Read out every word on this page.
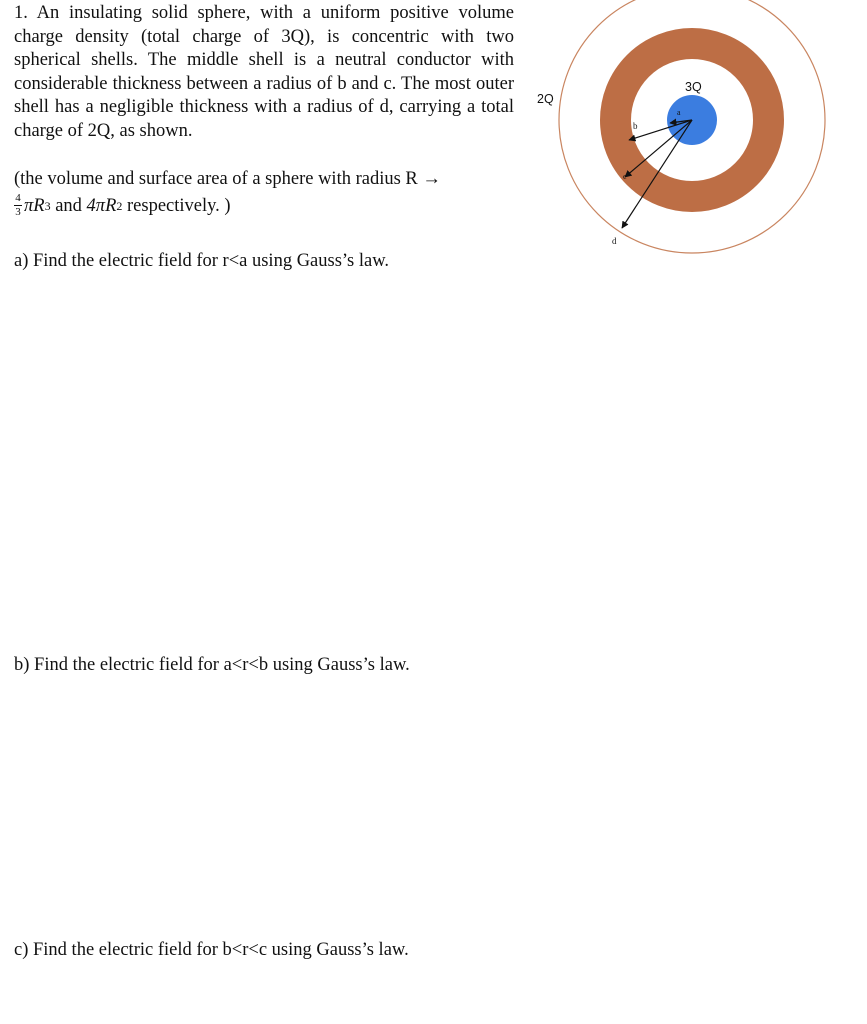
1. An insulating solid sphere, with a uniform positive volume charge density (total charge of 3Q), is concentric with two spherical shells. The middle shell is a neutral conductor with considerable thickness between a radius of b and c. The most outer shell has a negligible thickness with a radius of d, carrying a total charge of 2Q, as shown.

(the volume and surface area of a sphere with radius R →
$\frac{4}{3}$ πR 3
and
4πR 2
respectively. )
a) Find the electric field for r<a using Gauss’s law.
b) Find the electric field for a<r<b using Gauss’s law.
c) Find the electric field for b<r<c using Gauss’s law.
2Q
3Q
a
b
c
d
